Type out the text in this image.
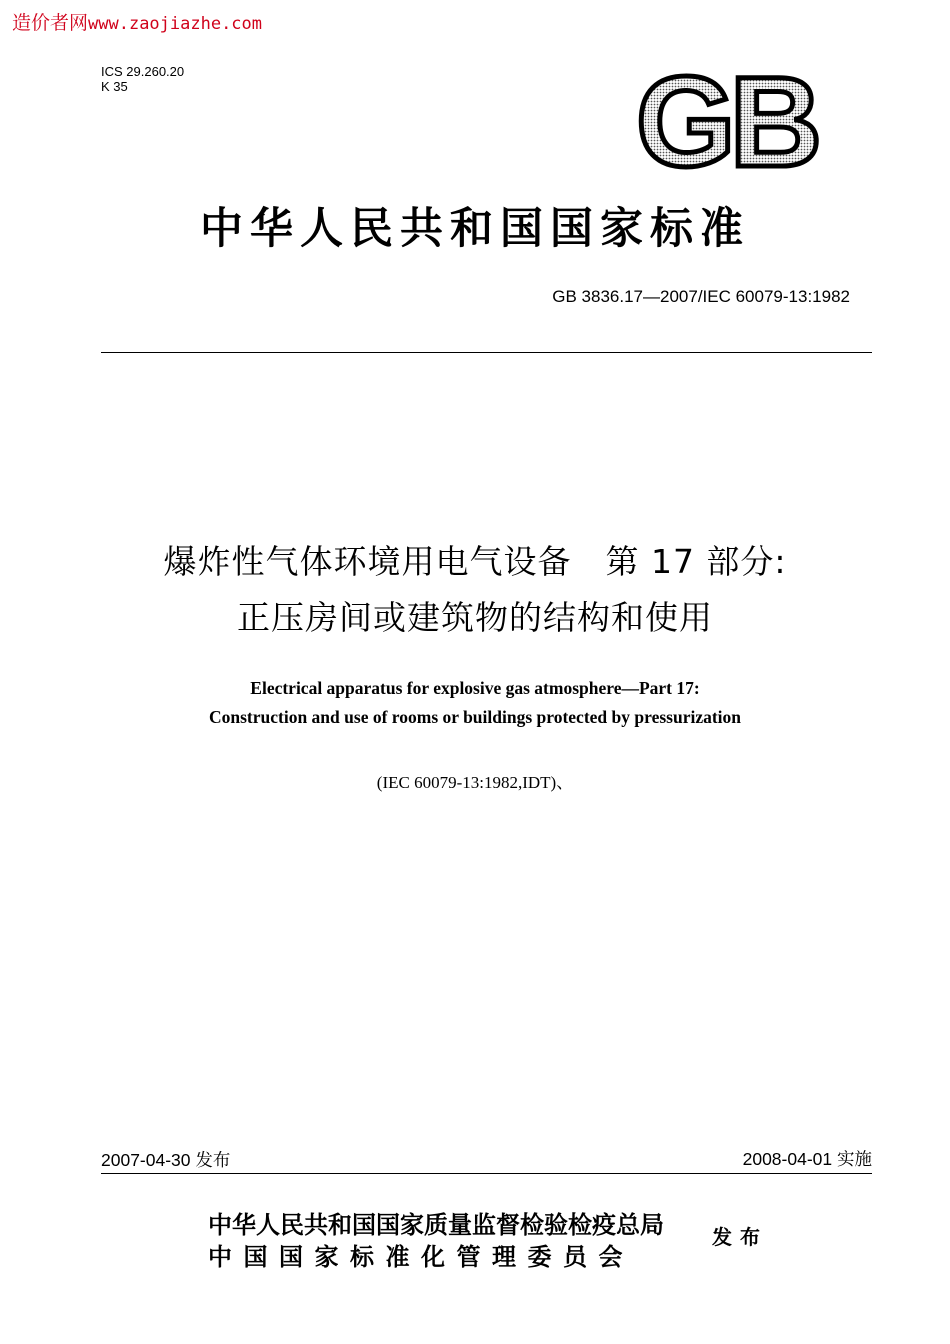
造价者网www.zaojiazhe.com
ICS 29.260.20
K 35	GB
中华人民共和国国家标准
GB 3836.17—2007/IEC 60079-13:1982
爆炸性气体环境用电气设备　第 17 部分:
正压房间或建筑物的结构和使用
Electrical apparatus for explosive gas atmosphere—Part 17:
Construction and use of rooms or buildings protected by pressurization
(IEC 60079-13:1982,IDT)、
2007-04-30 发布	2008-04-01 实施
中华人民共和国国家质量监督检验检疫总局
中国国家标准化管理委员会
发布
